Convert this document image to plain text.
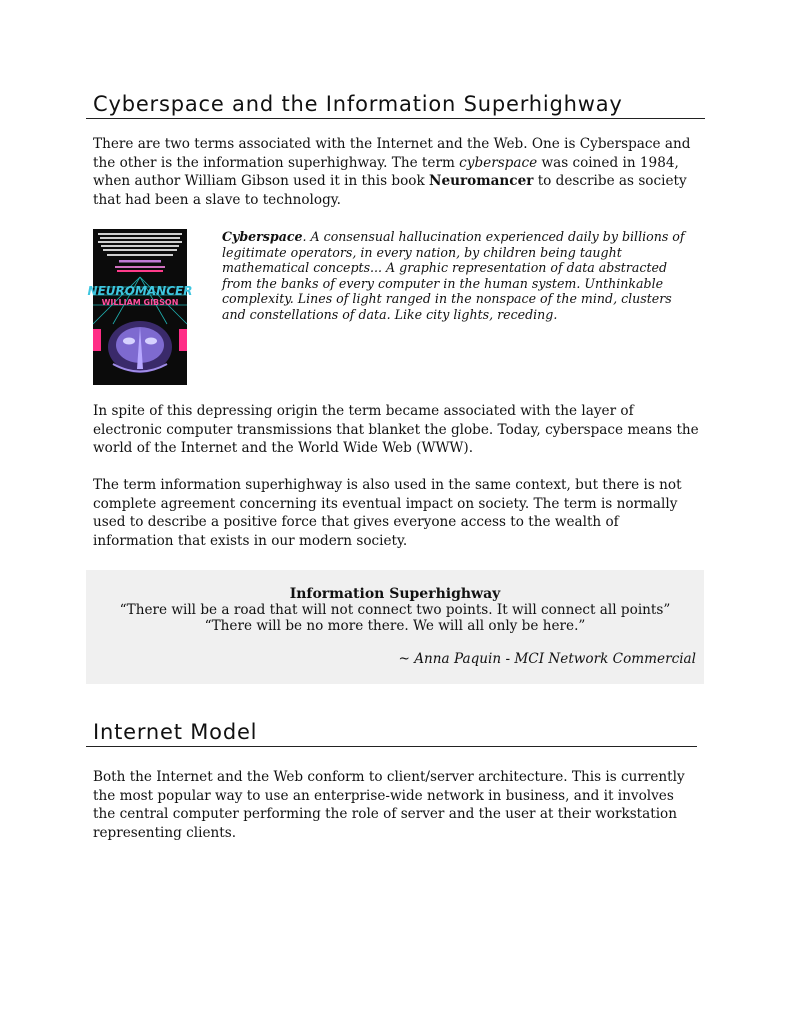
Cyberspace and the Information Superhighway

There are two terms associated with the Internet and the Web. One is Cyberspace and the other is the information superhighway. The term cyberspace was coined in 1984, when author William Gibson used it in this book Neuromancer to describe as society that had been a slave to technology.

NEUROMANCER
WILLIAM GIBSON

Cyberspace. A consensual hallucination experienced daily by billions of legitimate operators, in every nation, by children being taught mathematical concepts... A graphic representation of data abstracted from the banks of every computer in the human system. Unthinkable complexity. Lines of light ranged in the nonspace of the mind, clusters and constellations of data. Like city lights, receding.

In spite of this depressing origin the term became associated with the layer of electronic computer transmissions that blanket the globe. Today, cyberspace means the world of the Internet and the World Wide Web (WWW).

The term information superhighway is also used in the same context, but there is not complete agreement concerning its eventual impact on society. The term is normally used to describe a positive force that gives everyone access to the wealth of information that exists in our modern society.

Information Superhighway
“There will be a road that will not connect two points. It will connect all points”
“There will be no more there. We will all only be here.”
~ Anna Paquin - MCI Network Commercial
Internet Model

Both the Internet and the Web conform to client/server architecture. This is currently the most popular way to use an enterprise-wide network in business, and it involves the central computer performing the role of server and the user at their workstation representing clients.
